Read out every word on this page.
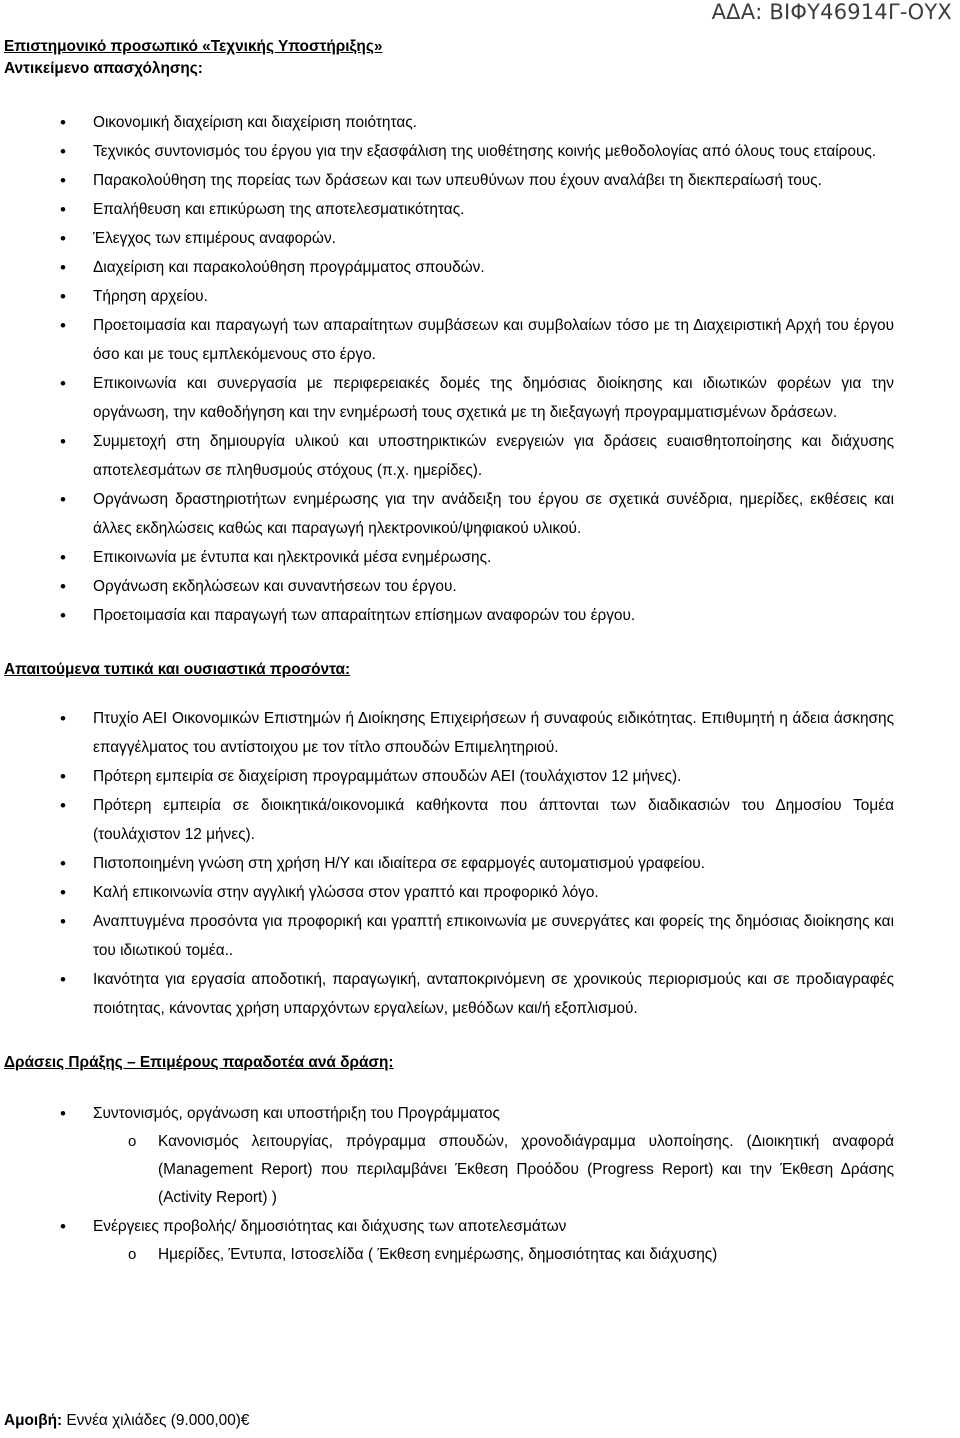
ΑΔΑ: ΒΙΦΥ46914Γ-ΟΥΧ
Επιστημονικό προσωπικό «Τεχνικής Υποστήριξης»
Αντικείμενο απασχόλησης:
• Οικονομική διαχείριση και διαχείριση ποιότητας.
• Τεχνικός συντονισμός του έργου για την εξασφάλιση της υιοθέτησης κοινής μεθοδολογίας από όλους τους εταίρους.
• Παρακολούθηση της πορείας των δράσεων και των υπευθύνων που έχουν αναλάβει τη διεκπεραίωσή τους.
• Επαλήθευση και επικύρωση της αποτελεσματικότητας.
• Έλεγχος των επιμέρους αναφορών.
• Διαχείριση και παρακολούθηση προγράμματος σπουδών.
• Τήρηση αρχείου.
• Προετοιμασία και παραγωγή των απαραίτητων συμβάσεων και συμβολαίων τόσο με τη Διαχειριστική Αρχή του έργου όσο και με τους εμπλεκόμενους στο έργο.
• Επικοινωνία και συνεργασία με περιφερειακές δομές της δημόσιας διοίκησης και ιδιωτικών φορέων για την οργάνωση, την καθοδήγηση και την ενημέρωσή τους σχετικά με τη διεξαγωγή προγραμματισμένων δράσεων.
• Συμμετοχή στη δημιουργία υλικού και υποστηρικτικών ενεργειών για δράσεις ευαισθητοποίησης και διάχυσης αποτελεσμάτων σε πληθυσμούς στόχους (π.χ. ημερίδες).
• Οργάνωση δραστηριοτήτων ενημέρωσης για την ανάδειξη του έργου σε σχετικά συνέδρια, ημερίδες, εκθέσεις και άλλες εκδηλώσεις καθώς και παραγωγή ηλεκτρονικού/ψηφιακού υλικού.
• Επικοινωνία με έντυπα και ηλεκτρονικά μέσα ενημέρωσης.
• Οργάνωση εκδηλώσεων και συναντήσεων του έργου.
• Προετοιμασία και παραγωγή των απαραίτητων επίσημων αναφορών του έργου.
Απαιτούμενα τυπικά και ουσιαστικά προσόντα:
• Πτυχίο ΑΕΙ Οικονομικών Επιστημών ή Διοίκησης Επιχειρήσεων ή συναφούς ειδικότητας. Επιθυμητή η άδεια άσκησης επαγγέλματος του αντίστοιχου με τον τίτλο σπουδών Επιμελητηριού.
• Πρότερη εμπειρία σε διαχείριση προγραμμάτων σπουδών ΑΕΙ (τουλάχιστον 12 μήνες).
• Πρότερη εμπειρία σε διοικητικά/οικονομικά καθήκοντα που άπτονται των διαδικασιών του Δημοσίου Τομέα (τουλάχιστον 12 μήνες).
• Πιστοποιημένη γνώση στη χρήση Η/Υ και ιδιαίτερα σε εφαρμογές αυτοματισμού γραφείου.
• Καλή επικοινωνία στην αγγλική γλώσσα στον γραπτό και προφορικό λόγο.
• Αναπτυγμένα προσόντα για προφορική και γραπτή επικοινωνία με συνεργάτες και φορείς της δημόσιας διοίκησης και του ιδιωτικού τομέα..
• Ικανότητα για εργασία αποδοτική, παραγωγική, ανταποκρινόμενη σε χρονικούς περιορισμούς και σε προδιαγραφές ποιότητας, κάνοντας χρήση υπαρχόντων εργαλείων, μεθόδων και/ή εξοπλισμού.
Δράσεις Πράξης – Επιμέρους παραδοτέα ανά δράση:
• Συντονισμός, οργάνωση και υποστήριξη του Προγράμματος
o Κανονισμός λειτουργίας, πρόγραμμα σπουδών, χρονοδιάγραμμα υλοποίησης. (Διοικητική αναφορά (Management Report) που περιλαμβάνει Έκθεση Προόδου (Progress Report) και την Έκθεση Δράσης (Activity Report) )
• Ενέργειες προβολής/ δημοσιότητας και διάχυσης των αποτελεσμάτων
o Ημερίδες, Έντυπα, Ιστοσελίδα ( Έκθεση ενημέρωσης, δημοσιότητας και διάχυσης)
Αμοιβή: Εννέα χιλιάδες (9.000,00)€
